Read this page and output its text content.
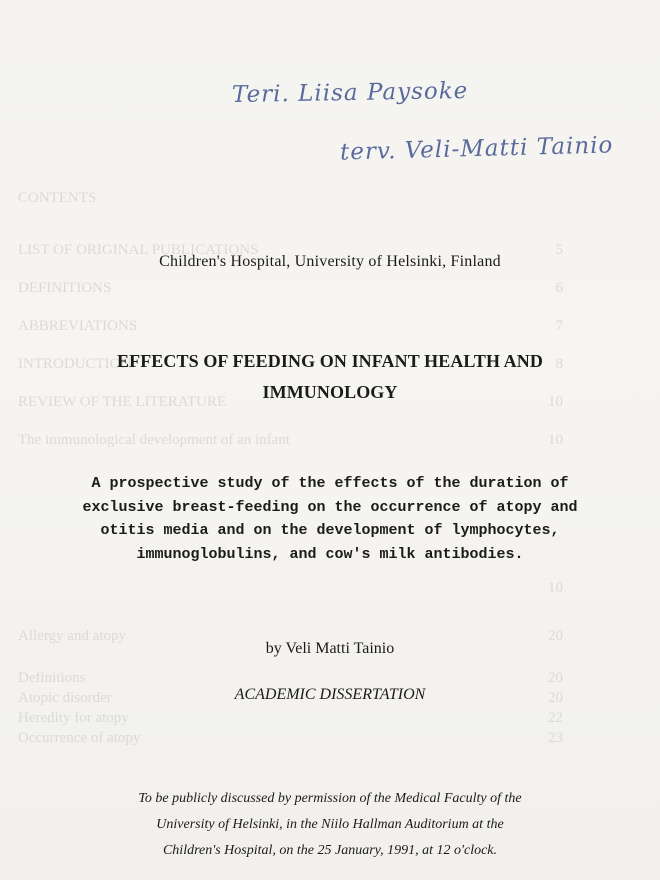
CONTENTS
LIST OF ORIGINAL PUBLICATIONS
DEFINITIONS
ABBREVIATIONS
INTRODUCTION
REVIEW OF THE LITERATURE
The immunological development of an infant
Allergy and atopy
Definitions
Atopic disorder
Heredity for atopy
Occurrence of atopy
5
6
7
8
10
10
10
20
20
20
22
23
Teri. Liisa Paysoke
terv. Veli-Matti Tainio
Children's Hospital, University of Helsinki, Finland
EFFECTS OF FEEDING ON INFANT HEALTH AND
IMMUNOLOGY
A prospective study of the effects of the duration of
exclusive breast-feeding on the occurrence of atopy and
otitis media and on the development of lymphocytes,
immunoglobulins, and cow's milk antibodies.
by Veli Matti Tainio
ACADEMIC DISSERTATION
To be publicly discussed by permission of the Medical Faculty of the
University of Helsinki, in the Niilo Hallman Auditorium at the
Children's Hospital, on the 25 January, 1991, at 12 o'clock.
